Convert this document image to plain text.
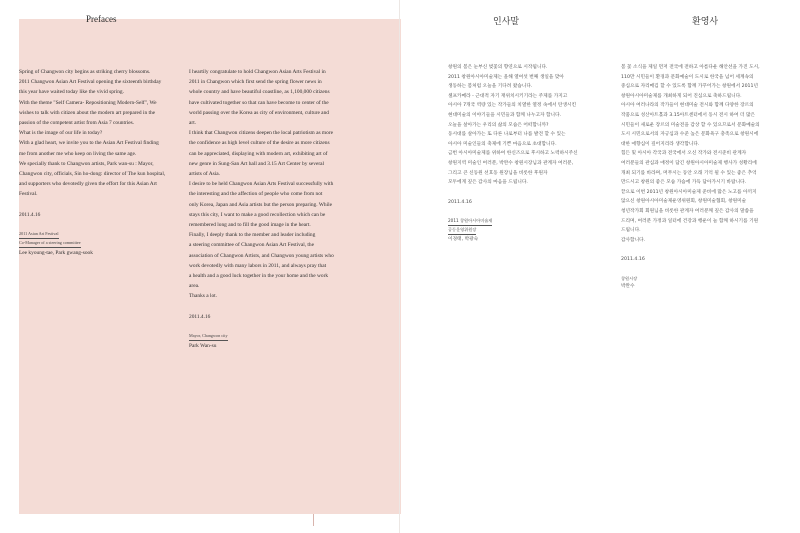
Prefaces

Spring of Changwon city begins as striking cherry blossoms.

2011 Changwon Asian Art Festival opening the sixteenth birthday

this year have waited today like the vivid spring.

With the theme "Self Camera- Repositioning Modern-Self", We

wishes to talk with citizen about the modern art prepared in the

passion of the competent artist from Asia 7 countries.

What is the image of our life in today?

With a glad heart, we invite you to the Asian Art Festival finding

me from another me who keep on living the same age.

We specially thank to Changwon artists, Park wan-su : Mayor,

Changwon city, officials, Sin ho-dong: director of The kun hospital,

and supporters who devotedly given the effort for this Asian Art

Festival.

2011.4.16

2011 Asian Art Festival

Co-Manager of a steering committee

Lee kyoung-tae, Park gwang-sook

I heartily congratulate to hold Changwon Asian Arts Festival in

2011 in Changwon which first send the spring flower news in

whole country and have beautiful coastline, as 1,100,000 citizens

have cultivated together so that can have become to center of the

world passing over the Korea as city of environment, culture and

art.

I think that Changwon citizens deepen the local patriotism as more

the confidence as high level culture of the desire as more citizens

can be appreciated, displaying with modern art, exhibiting art of

new genre in Sung-San Art hall and 3.15 Art Center by several

artists of Asia.

I desire to be held Changwon Asian Arts Festival successfully with

the interesting and the affection of people who come from not

only Korea, Japan and Asia artists but the person preparing. While

stays this city, I want to make a good recollection which can be

remembered long and to fill the good image in the heart.

Finally, I deeply thank to the member and leader including

a steering committee of Changwon Asian Art Festival, the

association of Changwon Artists, and Changwon young artists who

work devotedly with many labors in 2011, and always pray that

a health and a good luck together in the your home and the work

area.

Thanks a lot.

2011.4.16

Mayor, Changwon city

Park Wan-su

인사말	환영사

창원의 봄은 눈부신 벚꽃의 향연으로 시작됩니다.

2011 창원아시아미술제는 올해 열여섯 번째 생일을 맞아

생동하는 봄처럼 오늘을 기다려 왔습니다.

셀프카메라 - 근대적 자기 재위치시키기라는 주제를 가지고

아시아 7개국 역량 있는 작가들의 치열한 열정 속에서 탄생시킨

현대미술의 이야기들을 시민들과 함께 나누고자 합니다.

오늘을 살아가는 우리의 삶의 모습은 어떠합니까?

동시대를 살아가는 또 다른 나로부터 나를 발견 할 수 있는

아시아 미술인들의 축제에 기쁜 마음으로 초대합니다.

금번 아시아미술제를 위하여 한신즈으로 후시하고 노력하시주신

창원지역 미술인 여러분, 박완수 창원시장님과 관계자 여러분,

그리고 큰 신동원 선호동 원장님을 비롯한 후원자

모두에게 깊은 감사의 마음을 드립니다.

2011.4.16

2011 창원아시아미술제

공동운영위원장

이경태, 박광숙

봄 꽃 소식을 제일 먼저 전국에 전하고 아름다운 해안선을 가진 도시,

110만 시민들이 환경과 문화예술이 도시로 한국을 넘어 세계속의

중심으로 자리매김 할 수 있도록 함께 가꾸어가는 창원에서 2011년

창원아시아미술제를 개최하게 되어 진심으로 축하드립니다.

아시아 여러나라의 작가들이 현대미술 전시와 함께 다양한 장르의

작품으로 성산아트홀과 3.15아트센터에서 동시 전시 하여 더 많은

시민들이 새로운 장르의 미술전을 감상 할 수 있으므로서 문화예술의

도시 시민으로서의 자긍심과 수준 높은 문화욕구 충족으로 창원시에

대한 애향심이 깊어지리라 생각합니다.

힘든 및 아시아 각국과 전국에서 오신 작가와 전시준비 관계자

여러분들의 관심과 애정이 담긴 창원아시아미술제 행사가 성황리에

개최 되기를 바라며, 머무시는 동안 오래 기억 될 수 있는 좋은 추억

만드시고 창원의 좋은 모습 가슴에 가득 담아가시기 바랍니다.

끝으로 이번 2011년 창원아시아미술제 준비에 많은 노고를 아끼지

않으신 창원아시아미술제운영위원회, 창원미술협회, 창원미술

청년작가회 회원님을 비롯한 관계자 여러분께 깊은 감사의 말씀을

드리며, 여러분 가정과 일터에 건강과 행운이 늘 함께 하시기를 기원

드립니다.

감사합니다.

2011.4.16

창원시장

박완수
